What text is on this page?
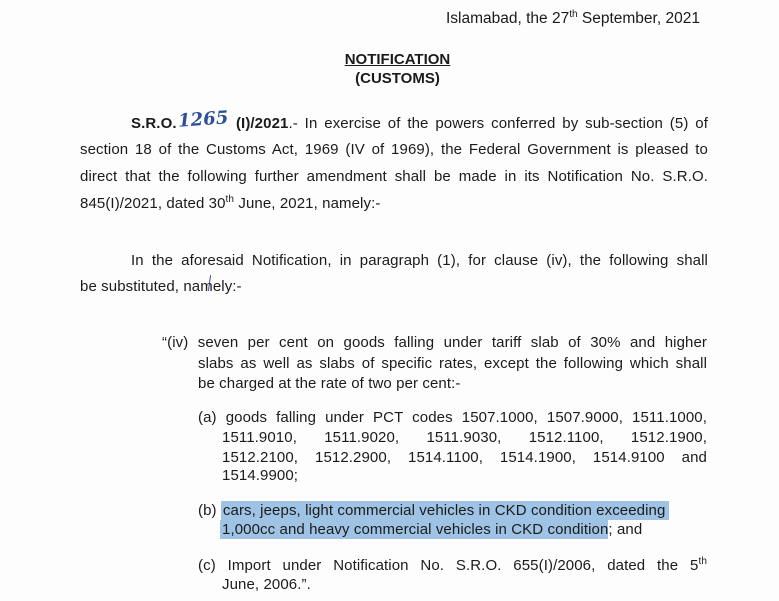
Islamabad, the 27th September, 2021
NOTIFICATION
(CUSTOMS)
S.R.O.1265 (I)/2021.- In exercise of the powers conferred by sub-section (5) of
section 18 of the Customs Act, 1969 (IV of 1969), the Federal Government is pleased to
direct that the following further amendment shall be made in its Notification No. S.R.O.
845(I)/2021, dated 30th June, 2021, namely:-
In the aforesaid Notification, in paragraph (1), for clause (iv), the following shall
be substituted, namely:-
“(iv) seven per cent on goods falling under tariff slab of 30% and higher
slabs as well as slabs of specific rates, except the following which shall
be charged at the rate of two per cent:-
(a) goods falling under PCT codes 1507.1000, 1507.9000, 1511.1000,
1511.9010, 1511.9020, 1511.9030, 1512.1100, 1512.1900,
1512.2100, 1512.2900, 1514.1100, 1514.1900, 1514.9100 and
1514.9900;
(b) cars, jeeps, light commercial vehicles in CKD condition exceeding
1,000cc and heavy commercial vehicles in CKD condition; and
(c) Import under Notification No. S.R.O. 655(I)/2006, dated the 5th
June, 2006.”.
